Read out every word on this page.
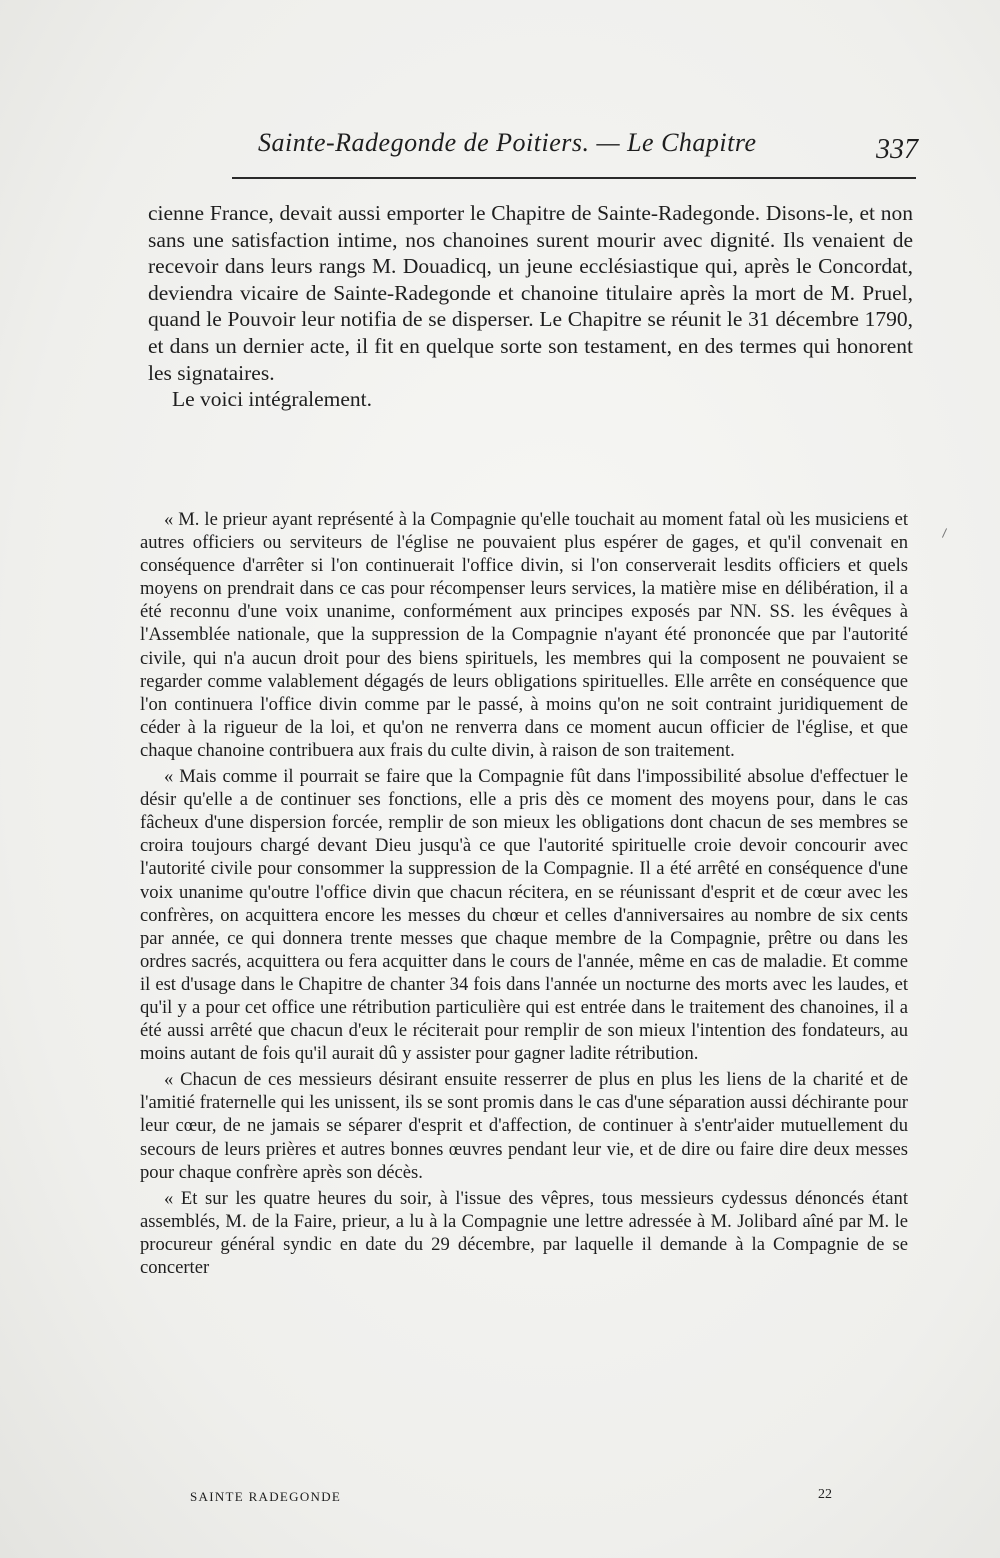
Sainte-Radegonde de Poitiers. — Le Chapitre	337

cienne France, devait aussi emporter le Chapitre de Sainte-Radegonde. Disons-le, et non sans une satisfaction intime, nos chanoines surent mourir avec dignité. Ils venaient de recevoir dans leurs rangs M. Douadicq, un jeune ecclésiastique qui, après le Concordat, deviendra vicaire de Sainte-Radegonde et chanoine titulaire après la mort de M. Pruel, quand le Pouvoir leur notifia de se disperser. Le Chapitre se réunit le 31 décembre 1790, et dans un dernier acte, il fit en quelque sorte son testament, en des termes qui honorent les signataires.

Le voici intégralement.

« M. le prieur ayant représenté à la Compagnie qu'elle touchait au moment fatal où les musiciens et autres officiers ou serviteurs de l'église ne pouvaient plus espérer de gages, et qu'il convenait en conséquence d'arrêter si l'on continuerait l'office divin, si l'on conserverait lesdits officiers et quels moyens on prendrait dans ce cas pour récompenser leurs services, la matière mise en délibération, il a été reconnu d'une voix unanime, conformément aux principes exposés par NN. SS. les évêques à l'Assemblée nationale, que la suppression de la Compagnie n'ayant été prononcée que par l'autorité civile, qui n'a aucun droit pour des biens spirituels, les membres qui la composent ne pouvaient se regarder comme valablement dégagés de leurs obligations spirituelles. Elle arrête en conséquence que l'on continuera l'office divin comme par le passé, à moins qu'on ne soit contraint juridiquement de céder à la rigueur de la loi, et qu'on ne renverra dans ce moment aucun officier de l'église, et que chaque chanoine contribuera aux frais du culte divin, à raison de son traitement.

« Mais comme il pourrait se faire que la Compagnie fût dans l'impossibilité absolue d'effectuer le désir qu'elle a de continuer ses fonctions, elle a pris dès ce moment des moyens pour, dans le cas fâcheux d'une dispersion forcée, remplir de son mieux les obligations dont chacun de ses membres se croira toujours chargé devant Dieu jusqu'à ce que l'autorité spirituelle croie devoir concourir avec l'autorité civile pour consommer la suppression de la Compagnie. Il a été arrêté en conséquence d'une voix unanime qu'outre l'office divin que chacun récitera, en se réunissant d'esprit et de cœur avec les confrères, on acquittera encore les messes du chœur et celles d'anniversaires au nombre de six cents par année, ce qui donnera trente messes que chaque membre de la Compagnie, prêtre ou dans les ordres sacrés, acquittera ou fera acquitter dans le cours de l'année, même en cas de maladie. Et comme il est d'usage dans le Chapitre de chanter 34 fois dans l'année un nocturne des morts avec les laudes, et qu'il y a pour cet office une rétribution particulière qui est entrée dans le traitement des chanoines, il a été aussi arrêté que chacun d'eux le réciterait pour remplir de son mieux l'intention des fondateurs, au moins autant de fois qu'il aurait dû y assister pour gagner ladite rétribution.

« Chacun de ces messieurs désirant ensuite resserrer de plus en plus les liens de la charité et de l'amitié fraternelle qui les unissent, ils se sont promis dans le cas d'une séparation aussi déchirante pour leur cœur, de ne jamais se séparer d'esprit et d'affection, de continuer à s'entr'aider mutuellement du secours de leurs prières et autres bonnes œuvres pendant leur vie, et de dire ou faire dire deux messes pour chaque confrère après son décès.

« Et sur les quatre heures du soir, à l'issue des vêpres, tous messieurs cydessus dénoncés étant assemblés, M. de la Faire, prieur, a lu à la Compagnie une lettre adressée à M. Jolibard aîné par M. le procureur général syndic en date du 29 décembre, par laquelle il demande à la Compagnie de se concerter

SAINTE RADEGONDE	22
